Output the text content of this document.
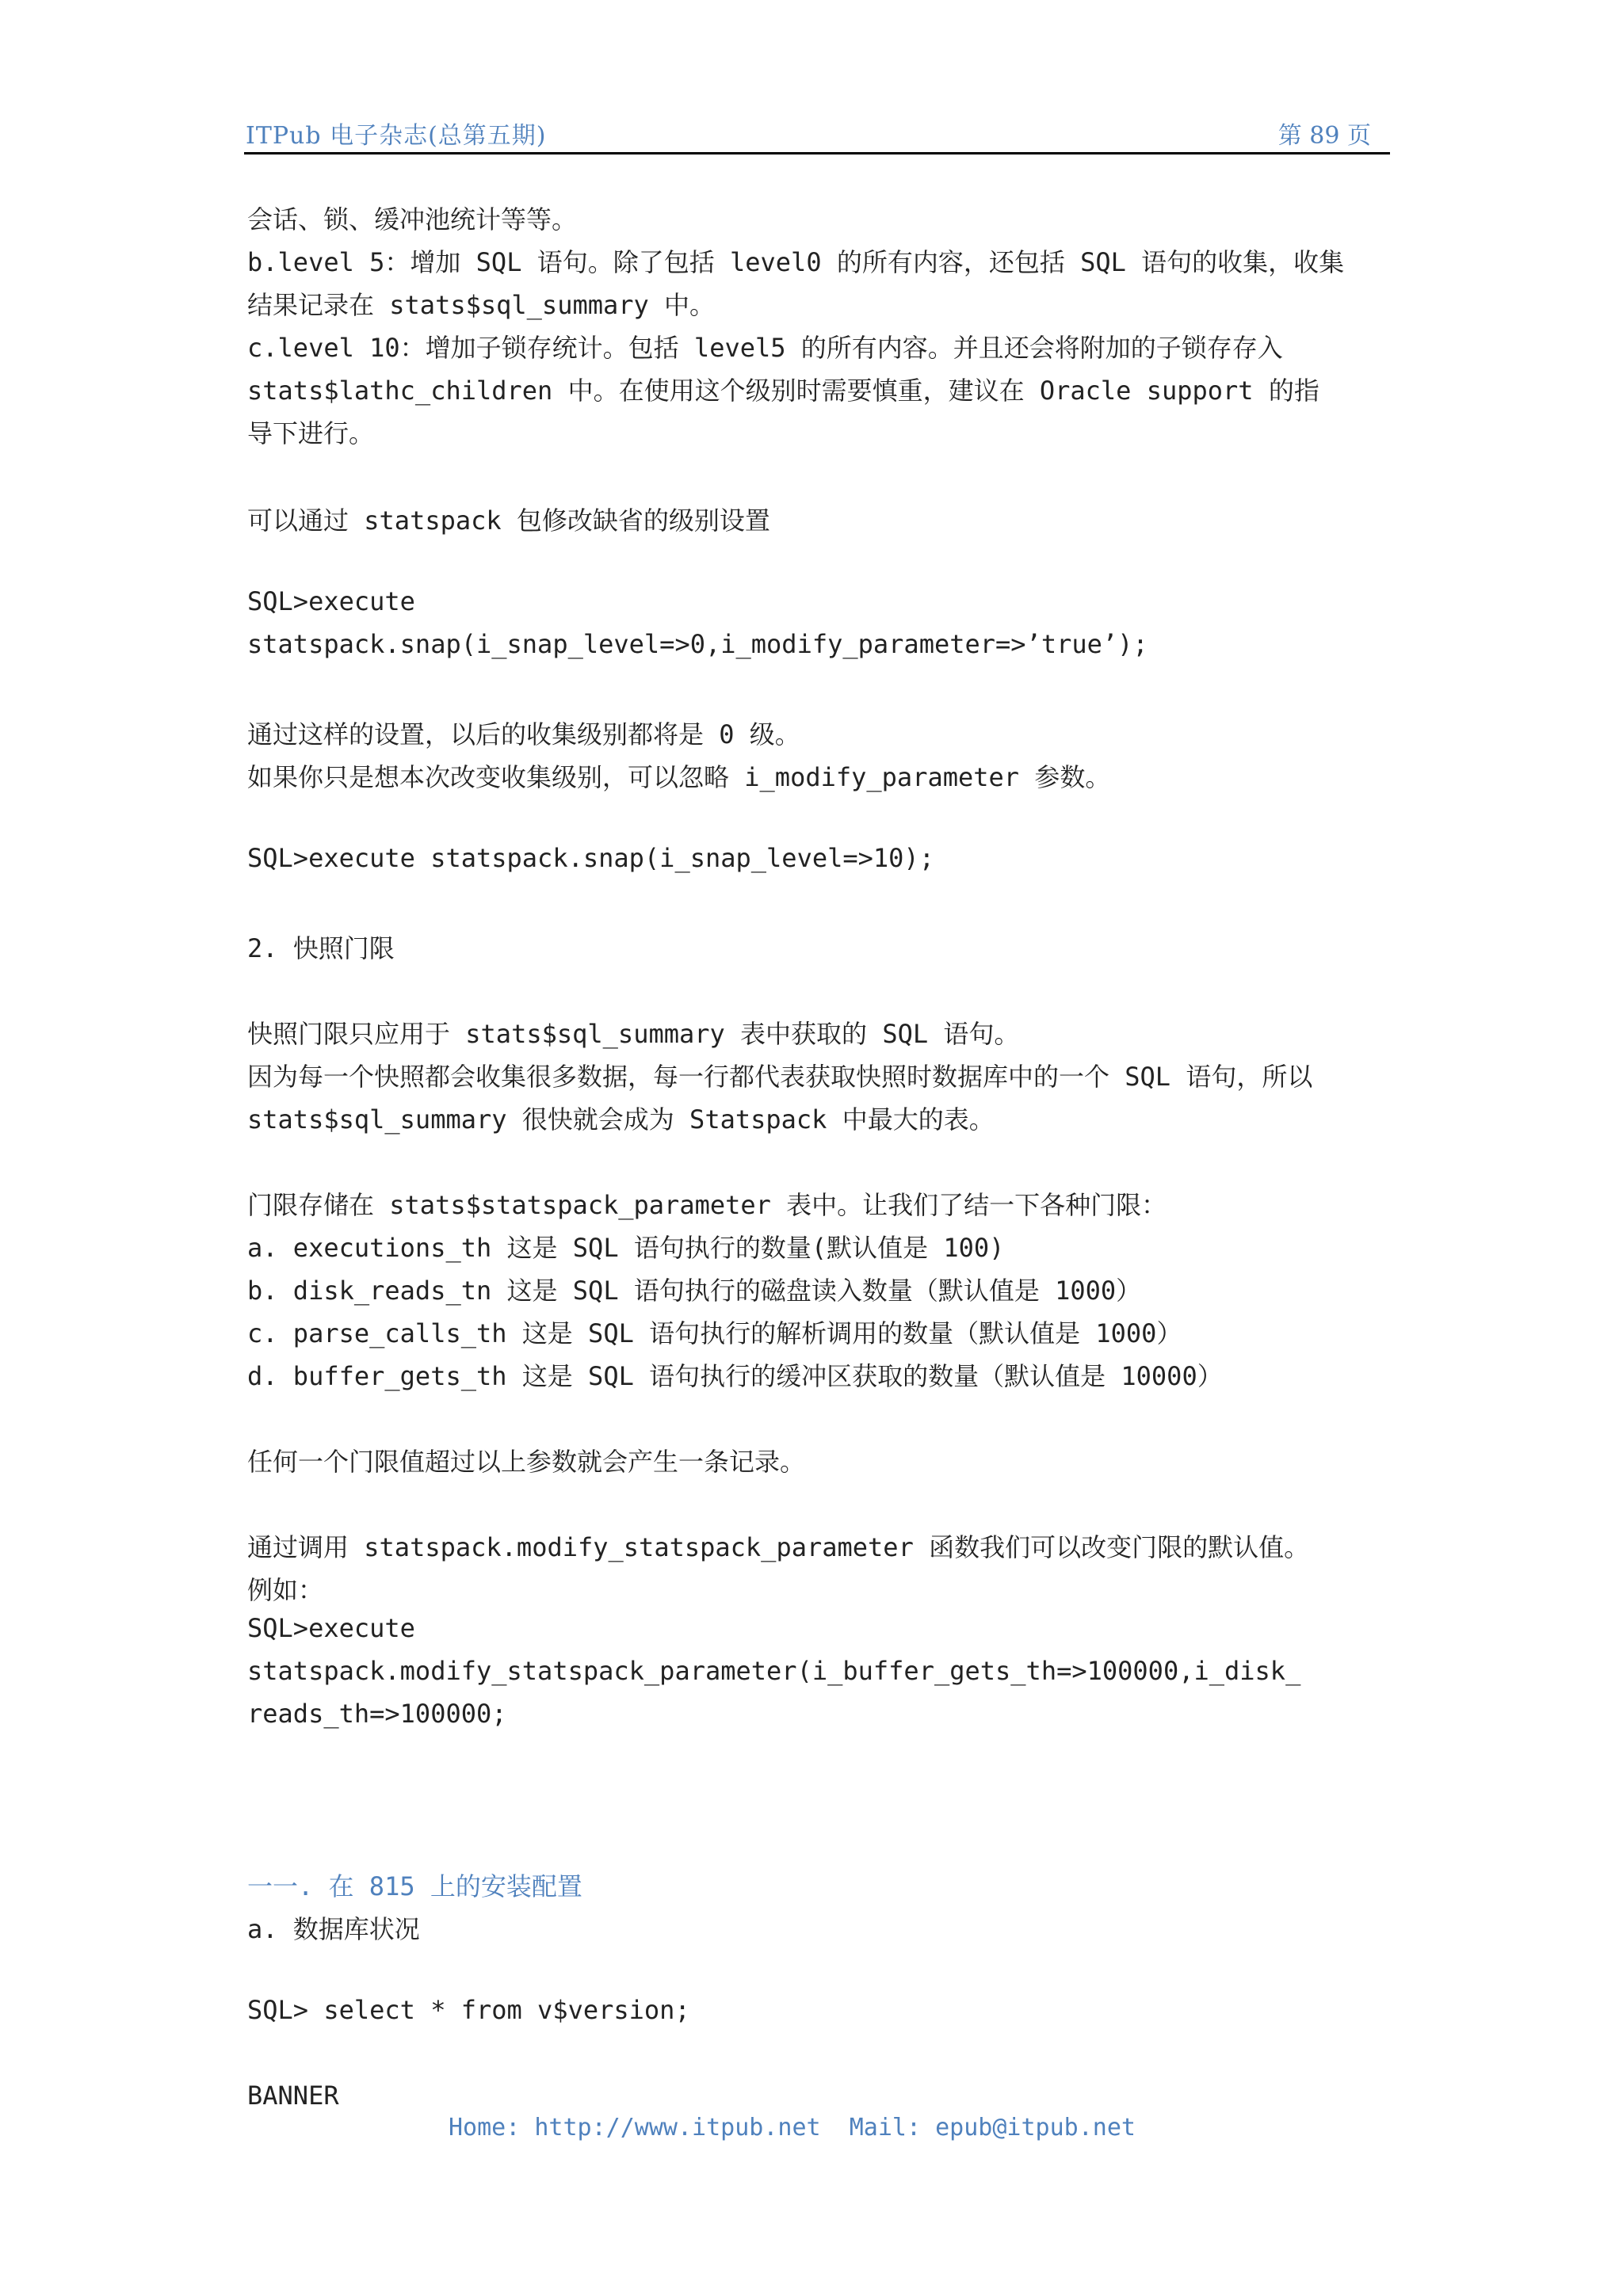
ITPub 电子杂志(总第五期)	第 89 页
会话、锁、缓冲池统计等等。
b.level 5：增加 SQL 语句。除了包括 level0 的所有内容，还包括 SQL 语句的收集，收集
结果记录在 stats$sql_summary 中。
c.level 10：增加子锁存统计。包括 level5 的所有内容。并且还会将附加的子锁存存入
stats$lathc_children 中。在使用这个级别时需要慎重，建议在 Oracle support 的指
导下进行。
可以通过 statspack 包修改缺省的级别设置
SQL>execute
statspack.snap(i_snap_level=>0,i_modify_parameter=>’true’);
通过这样的设置，以后的收集级别都将是 0 级。
如果你只是想本次改变收集级别，可以忽略 i_modify_parameter 参数。
SQL>execute statspack.snap(i_snap_level=>10);
2. 快照门限
快照门限只应用于 stats$sql_summary 表中获取的 SQL 语句。
因为每一个快照都会收集很多数据，每一行都代表获取快照时数据库中的一个 SQL 语句，所以
stats$sql_summary 很快就会成为 Statspack 中最大的表。
门限存储在 stats$statspack_parameter 表中。让我们了结一下各种门限：
a. executions_th 这是 SQL 语句执行的数量(默认值是 100)
b. disk_reads_tn 这是 SQL 语句执行的磁盘读入数量（默认值是 1000）
c. parse_calls_th 这是 SQL 语句执行的解析调用的数量（默认值是 1000）
d. buffer_gets_th 这是 SQL 语句执行的缓冲区获取的数量（默认值是 10000）
任何一个门限值超过以上参数就会产生一条记录。
通过调用 statspack.modify_statspack_parameter 函数我们可以改变门限的默认值。
例如：
SQL>execute
statspack.modify_statspack_parameter(i_buffer_gets_th=>100000,i_disk_
reads_th=>100000;
一一. 在 815 上的安装配置
a. 数据库状况
SQL> select * from v$version;
BANNER
Home: http://www.itpub.net  Mail: epub@itpub.net
